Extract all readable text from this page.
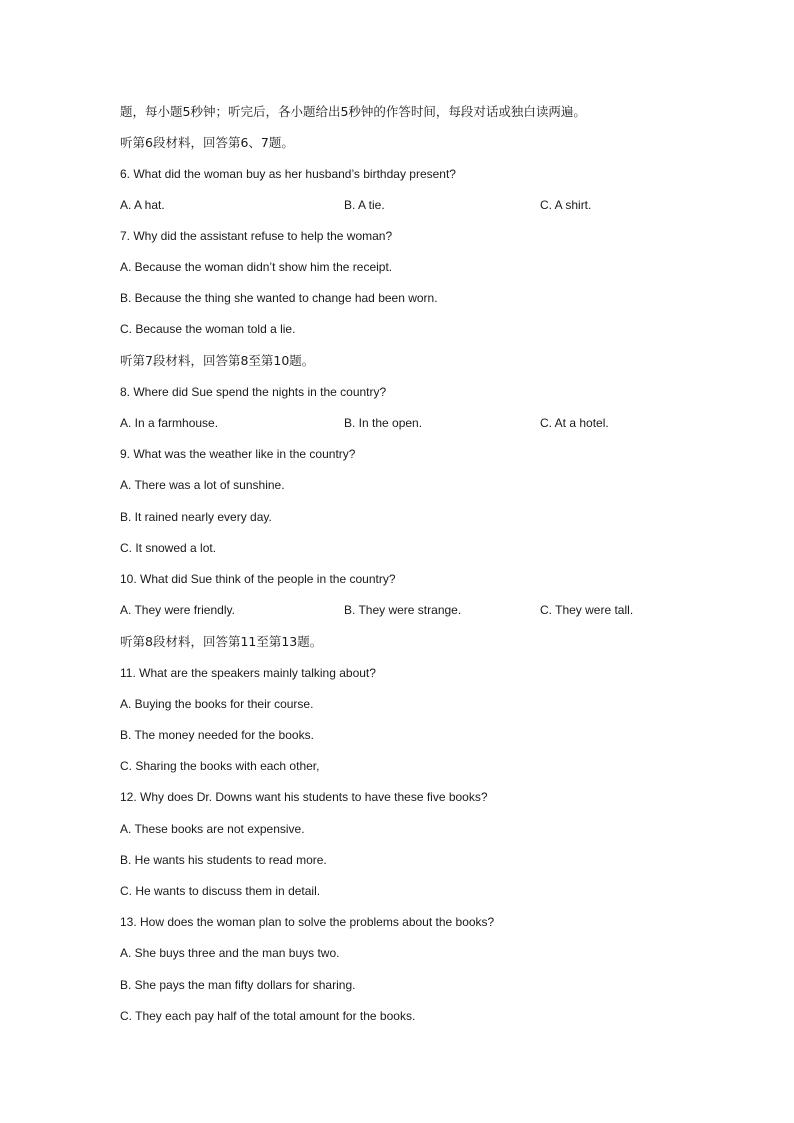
题，每小题5秒钟；听完后，各小题给出5秒钟的作答时间，每段对话或独白读两遍。
听第6段材料，回答第6、7题。
6. What did the woman buy as her husband’s birthday present?
A. A hat.	B. A tie.	C. A shirt.
7. Why did the assistant refuse to help the woman?
A. Because the woman didn’t show him the receipt.
B. Because the thing she wanted to change had been worn.
C. Because the woman told a lie.
听第7段材料，回答第8至第10题。
8. Where did Sue spend the nights in the country?
A. In a farmhouse.	B. In the open.	C. At a hotel.
9. What was the weather like in the country?
A. There was a lot of sunshine.
B. It rained nearly every day.
C. It snowed a lot.
10. What did Sue think of the people in the country?
A. They were friendly.	B. They were strange.	C. They were tall.
听第8段材料，回答第11至第13题。
11. What are the speakers mainly talking about?
A. Buying the books for their course.
B. The money needed for the books.
C. Sharing the books with each other,
12. Why does Dr. Downs want his students to have these five books?
A. These books are not expensive.
B. He wants his students to read more.
C. He wants to discuss them in detail.
13. How does the woman plan to solve the problems about the books?
A. She buys three and the man buys two.
B. She pays the man fifty dollars for sharing.
C. They each pay half of the total amount for the books.
